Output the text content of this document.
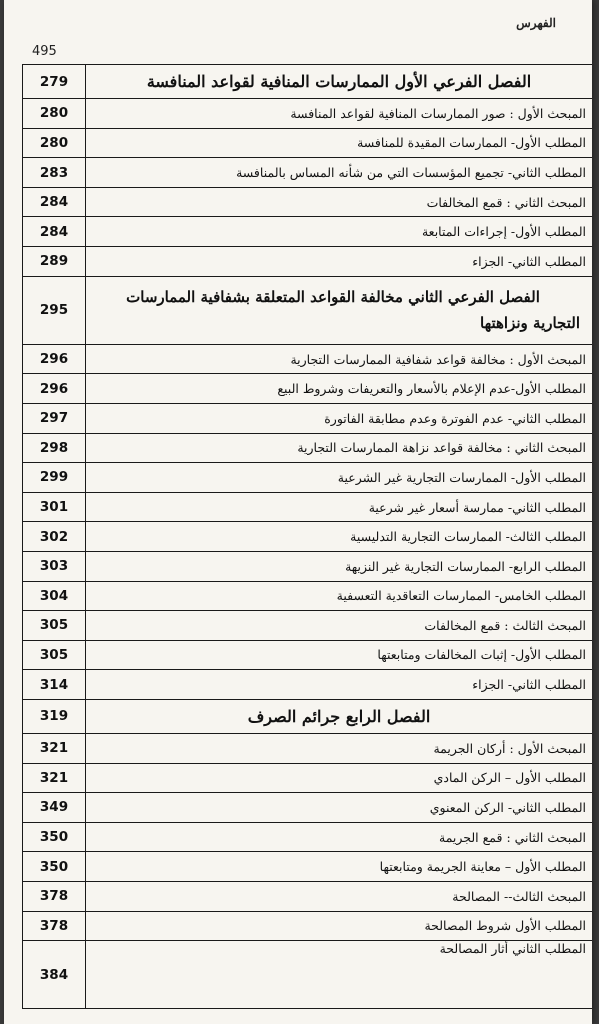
الفهرس
495
279	الفصل الفرعي الأول الممارسات المنافية لقواعد المنافسة
280	المبحث الأول : صور الممارسات المنافية لقواعد المنافسة
280	المطلب الأول- الممارسات المقيدة للمنافسة
283	المطلب الثاني- تجميع المؤسسات التي من شأنه المساس بالمنافسة
284	المبحث الثاني : قمع المخالفات
284	المطلب الأول- إجراءات المتابعة
289	المطلب الثاني- الجزاء
295	الفصل الفرعي الثاني مخالفة القواعد المتعلقة بشفافية الممارسات
التجارية ونزاهتها

296	المبحث الأول : مخالفة قواعد شفافية الممارسات التجارية
296	المطلب الأول-عدم الإعلام بالأسعار والتعريفات وشروط البيع
297	المطلب الثاني- عدم الفوترة وعدم مطابقة الفاتورة
298	المبحث الثاني : مخالفة قواعد نزاهة الممارسات التجارية
299	المطلب الأول- الممارسات التجارية غير الشرعية
301	المطلب الثاني- ممارسة أسعار غير شرعية
302	المطلب الثالث- الممارسات التجارية التدليسية
303	المطلب الرابع- الممارسات التجارية غير النزيهة
304	المطلب الخامس- الممارسات التعاقدية التعسفية
305	المبحث الثالث : قمع المخالفات
305	المطلب الأول- إثبات المخالفات ومتابعتها
314	المطلب الثاني- الجزاء
319	الفصل الرابع جرائم الصرف
321	المبحث الأول : أركان الجريمة
321	المطلب الأول – الركن المادي
349	المطلب الثاني- الركن المعنوي
350	المبحث الثاني : قمع الجريمة
350	المطلب الأول – معاينة الجريمة ومتابعتها
378	المبحث الثالث-- المصالحة
378	المطلب الأول شروط المصالحة
384	المطلب الثاني أثار المصالحة
